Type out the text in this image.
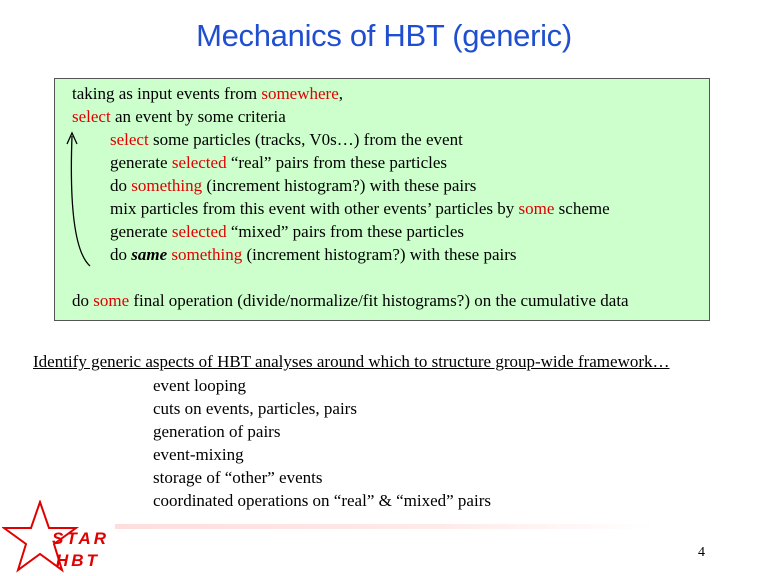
Mechanics of HBT (generic)
taking as input events from somewhere,
select an event by some criteria
select some particles (tracks, V0s…) from the event
generate selected “real” pairs from these particles
do something (increment histogram?) with these pairs
mix particles from this event with other events’ particles by some scheme
generate selected “mixed” pairs from these particles
do same something (increment histogram?) with these pairs
do some final operation (divide/normalize/fit histograms?) on the cumulative data
Identify generic aspects of HBT analyses around which to structure group-wide framework…
event looping
cuts on events, particles, pairs
generation of pairs
event-mixing
storage of “other” events
coordinated operations on “real” & “mixed” pairs
STAR
HBT	4
